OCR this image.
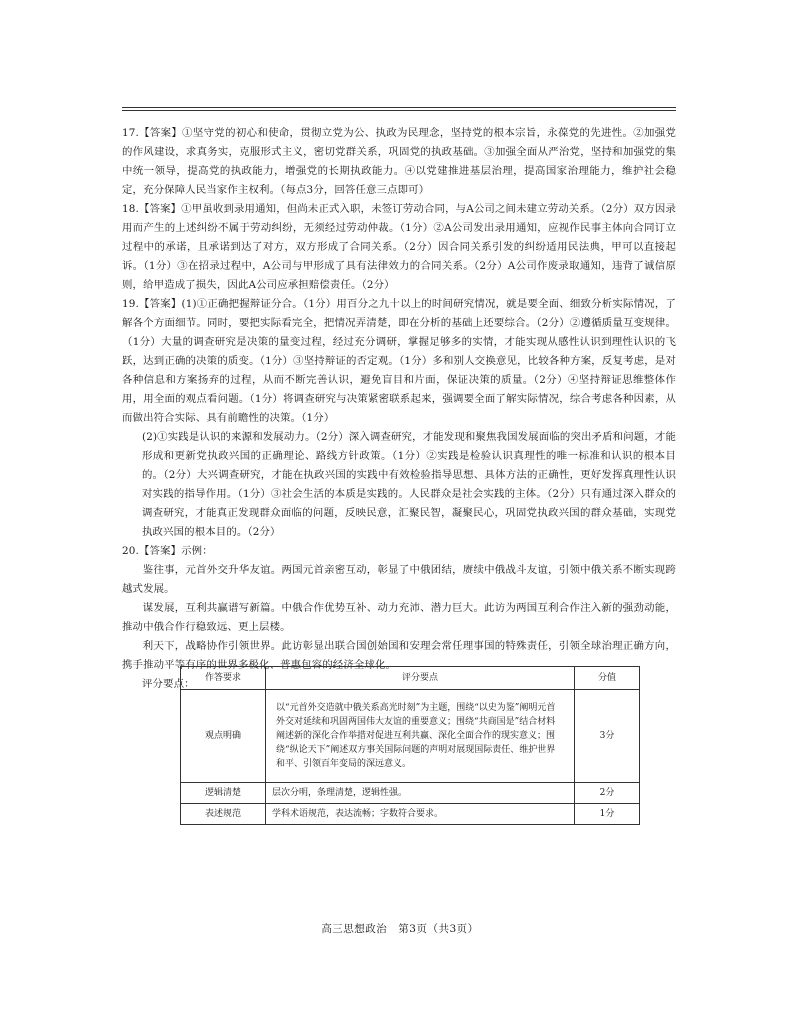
17.【答案】①坚守党的初心和使命，贯彻立党为公、执政为民理念，坚持党的根本宗旨，永葆党的先进性。②加强党的作风建设，求真务实，克服形式主义，密切党群关系，巩固党的执政基础。③加强全面从严治党，坚持和加强党的集中统一领导，提高党的执政能力，增强党的长期执政能力。④以党建推进基层治理，提高国家治理能力，维护社会稳定，充分保障人民当家作主权利。（每点3分，回答任意三点即可）
18.【答案】①甲虽收到录用通知，但尚未正式入职，未签订劳动合同，与A公司之间未建立劳动关系。（2分）双方因录用而产生的上述纠纷不属于劳动纠纷，无须经过劳动仲裁。（1分）②A公司发出录用通知，应视作民事主体向合同订立过程中的承诺，且承诺到达了对方，双方形成了合同关系。（2分）因合同关系引发的纠纷适用民法典，甲可以直接起诉。（1分）③在招录过程中，A公司与甲形成了具有法律效力的合同关系。（2分）A公司作废录取通知，违背了诚信原则，给甲造成了损失，因此A公司应承担赔偿责任。（2分）
19.【答案】(1)①正确把握辩证分合。（1分）用百分之九十以上的时间研究情况，就是要全面、细致分析实际情况，了解各个方面细节。同时，要把实际看完全，把情况弄清楚，即在分析的基础上还要综合。（2分）②遵循质量互变规律。（1分）大量的调查研究是决策的量变过程，经过充分调研，掌握足够多的实情，才能实现从感性认识到理性认识的飞跃，达到正确的决策的质变。（1分）③坚持辩证的否定观。（1分）多和别人交换意见，比较各种方案，反复考虑，是对各种信息和方案扬弃的过程，从而不断完善认识，避免盲目和片面，保证决策的质量。（2分）④坚持辩证思维整体作用，用全面的观点看问题。（1分）将调查研究与决策紧密联系起来，强调要全面了解实际情况，综合考虑各种因素，从而做出符合实际、具有前瞻性的决策。（1分）
(2)①实践是认识的来源和发展动力。（2分）深入调查研究，才能发现和聚焦我国发展面临的突出矛盾和问题，才能形成和更新党执政兴国的正确理论、路线方针政策。（1分）②实践是检验认识真理性的唯一标准和认识的根本目的。（2分）大兴调查研究，才能在执政兴国的实践中有效检验指导思想、具体方法的正确性，更好发挥真理性认识对实践的指导作用。（1分）③社会生活的本质是实践的。人民群众是社会实践的主体。（2分）只有通过深入群众的调查研究，才能真正发现群众面临的问题，反映民意，汇聚民智，凝聚民心，巩固党执政兴国的群众基础，实现党执政兴国的根本目的。（2分）
20.【答案】示例：
鉴往事，元首外交升华友谊。两国元首亲密互动，彰显了中俄团结，赓续中俄战斗友谊，引领中俄关系不断实现跨越式发展。
谋发展，互利共赢谱写新篇。中俄合作优势互补、动力充沛、潜力巨大。此访为两国互利合作注入新的强劲动能，推动中俄合作行稳致远、更上层楼。
利天下，战略协作引领世界。此访彰显出联合国创始国和安理会常任理事国的特殊责任，引领全球治理正确方向，携手推动平等有序的世界多极化、普惠包容的经济全球化。
评分要点：	作答要求	评分要点	分值
观点明确	以“元首外交造就中俄关系高光时刻”为主题，围绕“以史为鉴”阐明元首外交对延续和巩固两国伟大友谊的重要意义；围绕“共商国是”结合材料阐述新的深化合作举措对促进互利共赢、深化全面合作的现实意义；围绕“纵论天下”阐述双方事关国际问题的声明对展现国际责任、维护世界和平、引领百年变局的深远意义。	3分
逻辑清楚	层次分明，条理清楚，逻辑性强。	2分
表述规范	学科术语规范，表达流畅；字数符合要求。	1分
高三思想政治　第3页（共3页）
